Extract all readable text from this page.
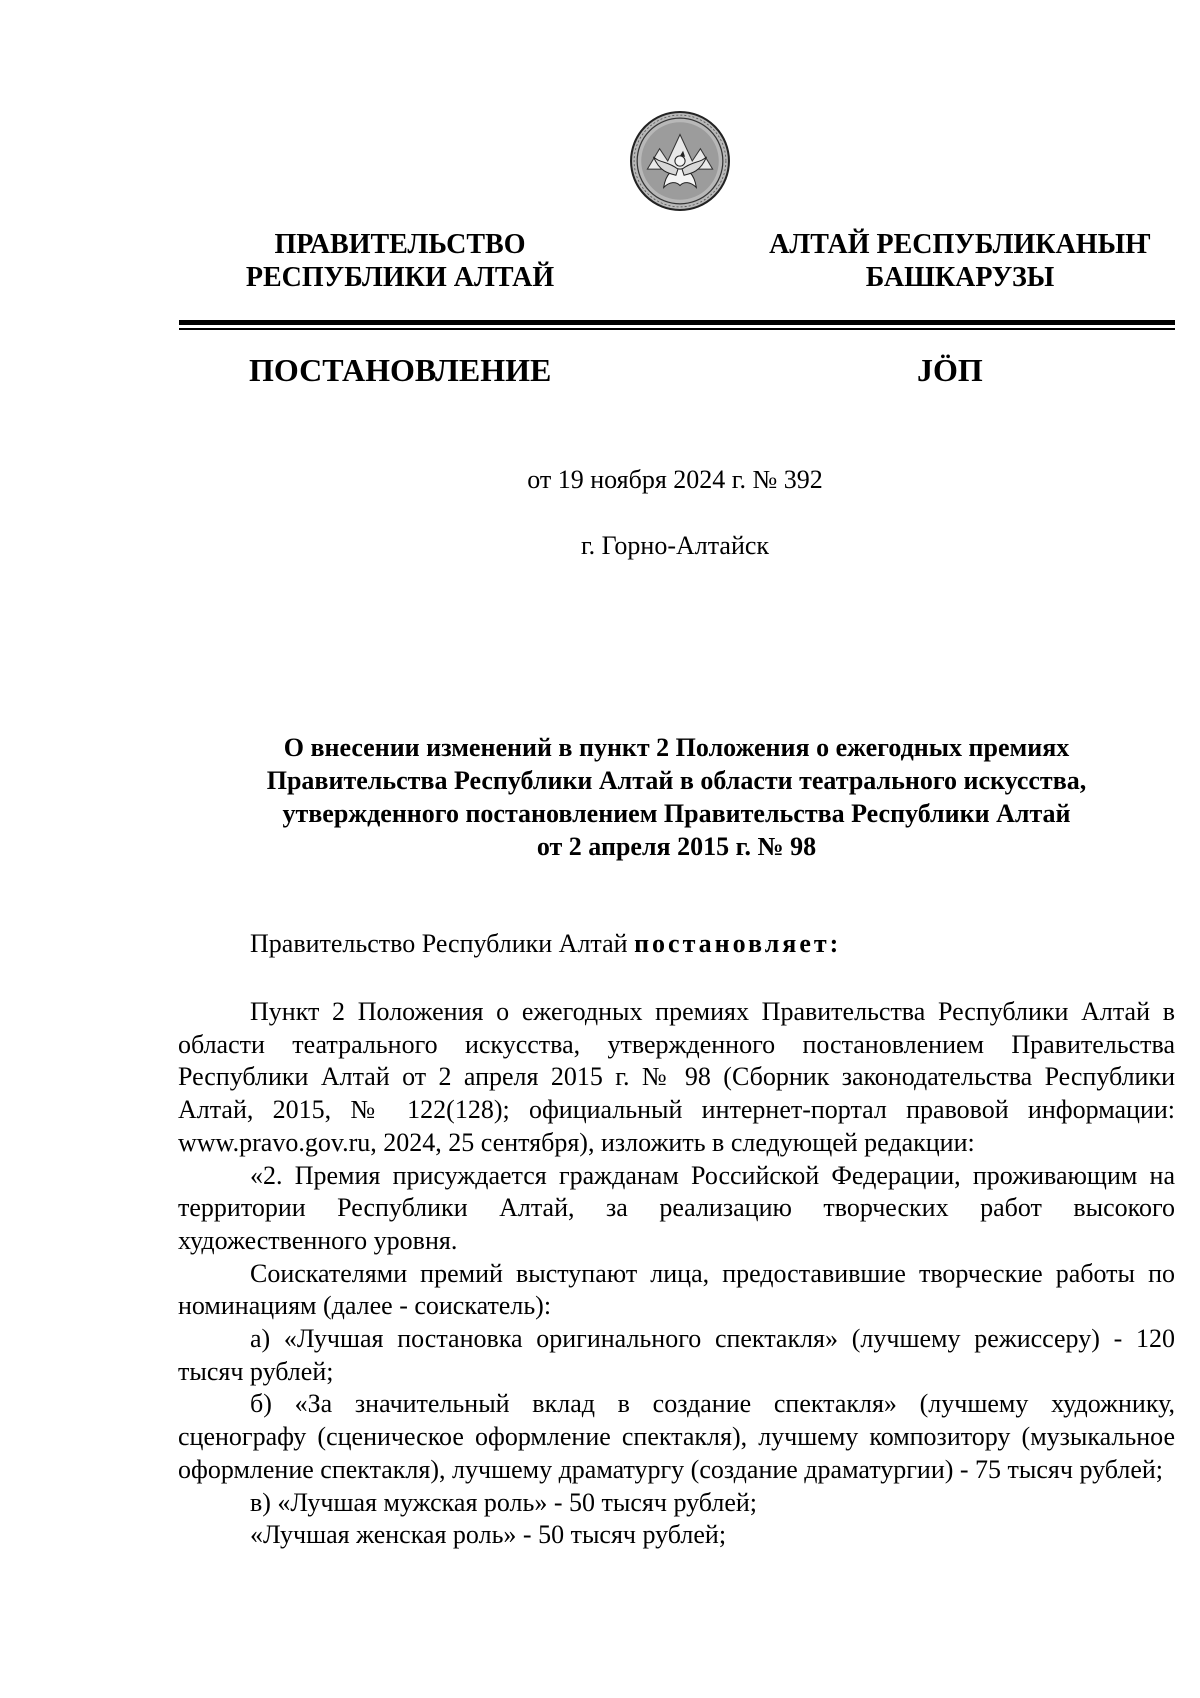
ПРАВИТЕЛЬСТВО
РЕСПУБЛИКИ АЛТАЙ
АЛТАЙ РЕСПУБЛИКАНЫҤ
БАШКАРУЗЫ
ПОСТАНОВЛЕНИЕ	JӦП
от 19 ноября 2024 г. № 392
г. Горно-Алтайск
О внесении изменений в пункт 2 Положения о ежегодных премиях
Правительства Республики Алтай в области театрального искусства,
утвержденного постановлением Правительства Республики Алтай
от 2 апреля 2015 г. № 98
Правительство Республики Алтай постановляет:

Пункт 2 Положения о ежегодных премиях Правительства Республики Алтай в области театрального искусства, утвержденного постановлением Правительства Республики Алтай от 2 апреля 2015 г. № 98 (Сборник законодательства Республики Алтай, 2015, № 122(128); официальный интернет-портал правовой информации: www.pravo.gov.ru, 2024, 25 сентября), изложить в следующей редакции:

«2. Премия присуждается гражданам Российской Федерации, проживающим на территории Республики Алтай, за реализацию творческих работ высокого художественного уровня.

Соискателями премий выступают лица, предоставившие творческие работы по номинациям (далее - соискатель):

а) «Лучшая постановка оригинального спектакля» (лучшему режиссеру) - 120 тысяч рублей;

б) «За значительный вклад в создание спектакля» (лучшему художнику, сценографу (сценическое оформление спектакля), лучшему композитору (музыкальное оформление спектакля), лучшему драматургу (создание драматургии) - 75 тысяч рублей;

в) «Лучшая мужская роль» - 50 тысяч рублей;

«Лучшая женская роль» - 50 тысяч рублей;
